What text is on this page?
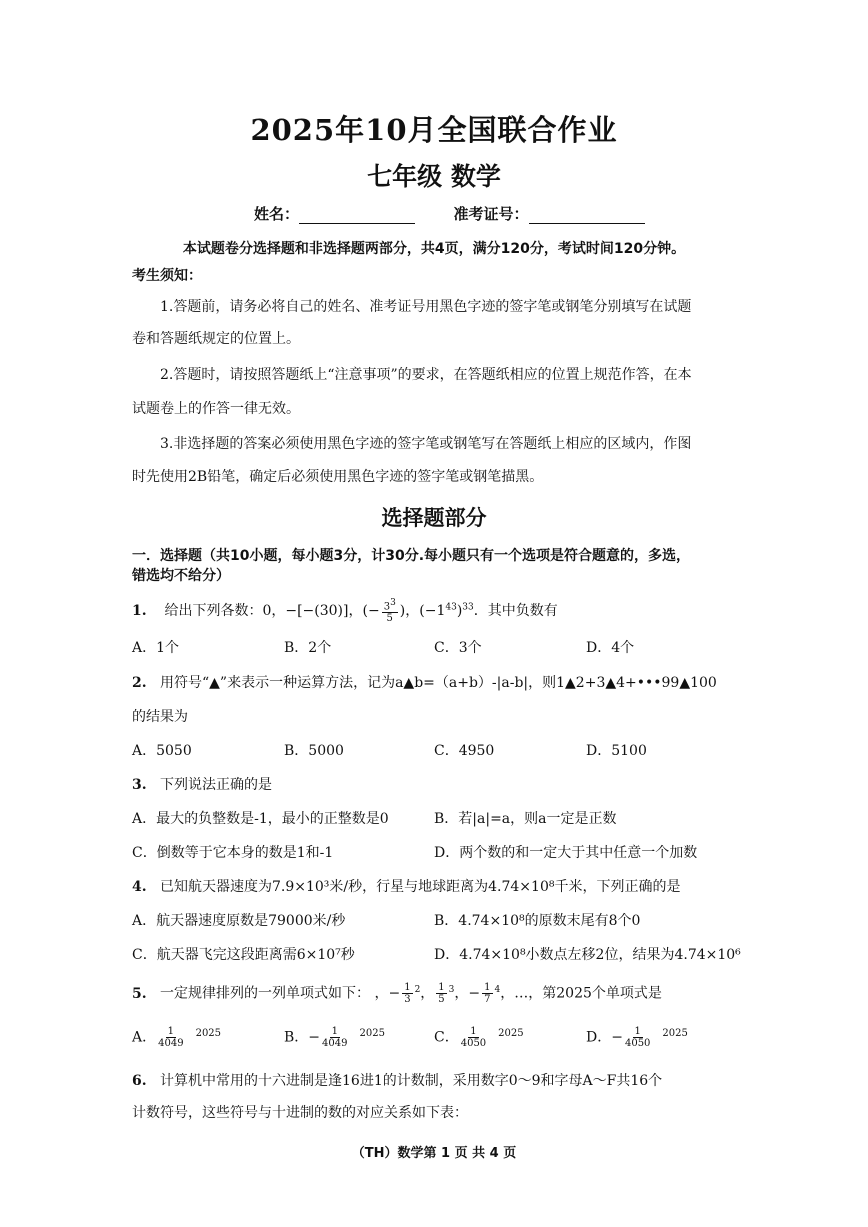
2025年10月全国联合作业
七年级 数学
姓名：	准考证号：
本试题卷分选择题和非选择题两部分，共4页，满分120分，考试时间120分钟。
考生须知：
1.答题前，请务必将自己的姓名、准考证号用黑色字迹的签字笔或钢笔分别填写在试题
卷和答题纸规定的位置上。
2.答题时，请按照答题纸上“注意事项”的要求，在答题纸相应的位置上规范作答，在本
试题卷上的作答一律无效。
3.非选择题的答案必须使用黑色字迹的签字笔或钢笔写在答题纸上相应的区域内，作图
时先使用2B铅笔，确定后必须使用黑色字迹的签字笔或钢笔描黑。
选择题部分
一．选择题（共10小题，每小题3分，计30分.每小题只有一个选项是符合题意的，多选，
错选均不给分）
1. 给出下列各数：0，−[−(30)]，(− $\frac{33}{5}$ )，$(-1^{43})^{33}$．其中负数有
A．1个	B．2个	C．3个	D．4个
2. 用符号“▲”来表示一种运算方法，记为a▲b=（a+b）-|a-b|，则1▲2+3▲4+•••99▲100
的结果为
A．5050	B．5000	C．4950	D．5100
3. 下列说法正确的是
A．最大的负整数是-1，最小的正整数是0	B．若|a|=a，则a一定是正数
C．倒数等于它本身的数是1和-1	D．两个数的和一定大于其中任意一个加数
4. 已知航天器速度为7.9×10³米/秒，行星与地球距离为4.74×10⁸千米，下列正确的是
A．航天器速度原数是79000米/秒	B．4.74×10⁸的原数末尾有8个0
C．航天器飞完这段距离需6×10⁷秒	D．4.74×10⁸小数点左移2位，结果为4.74×10⁶
5. 一定规律排列的一列单项式如下： ，− $\frac{1}{3} ^2$， $\frac{1}{5} ^3$，− $\frac{1}{7} ^4$，…，第2025个单项式是
A． $\frac{1}{4049} ^{2025}$	B．− $\frac{1}{4049} ^{2025}$	C． $\frac{1}{4050} ^{2025}$	D．− $\frac{1}{4050} ^{2025}$
6. 计算机中常用的十六进制是逢16进1的计数制，采用数字0～9和字母A～F共16个
计数符号，这些符号与十进制的数的对应关系如下表：
（TH）数学第 1 页 共 4 页
